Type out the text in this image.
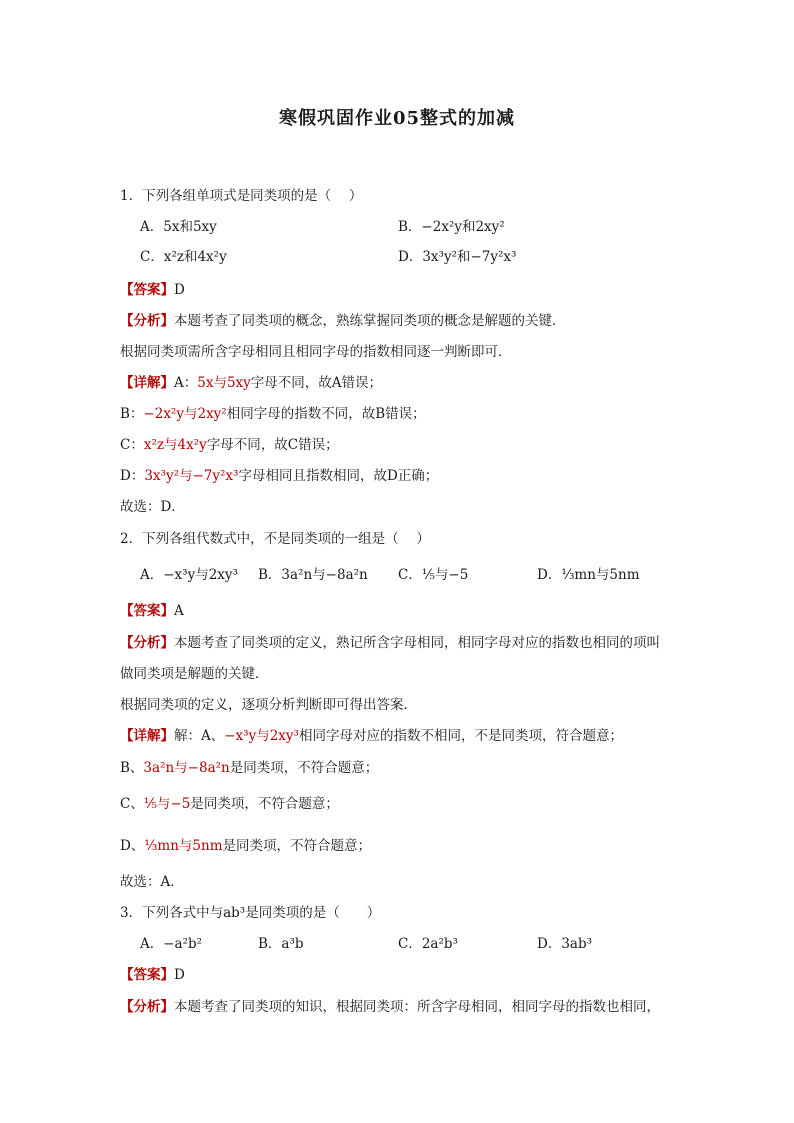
寒假巩固作业05整式的加减
1．下列各组单项式是同类项的是（　 ）
A．5x和5xy	B．−2x²y和2xy²
C．x²z和4x²y	D．3x³y²和−7y²x³
【答案】D
【分析】本题考查了同类项的概念，熟练掌握同类项的概念是解题的关键．
根据同类项需所含字母相同且相同字母的指数相同逐一判断即可．
【详解】A：5x与5xy字母不同，故A错误；
B：−2x²y与2xy²相同字母的指数不同，故B错误；
C：x²z与4x²y字母不同，故C错误；
D：3x³y²与−7y²x³字母相同且指数相同，故D正确；
故选：D．
2．下列各组代数式中，不是同类项的一组是（　 ）
A．−x³y与2xy³ B．3a²n与−8a²n C．⅕与−5	D．⅓mn与5nm
【答案】A
【分析】本题考查了同类项的定义，熟记所含字母相同，相同字母对应的指数也相同的项叫
做同类项是解题的关键．
根据同类项的定义，逐项分析判断即可得出答案．
【详解】解：A、−x³y与2xy³相同字母对应的指数不相同，不是同类项，符合题意；
B、3a²n与−8a²n是同类项，不符合题意；
C、⅕与−5是同类项，不符合题意；
D、⅓mn与5nm是同类项，不符合题意；
故选：A．
3．下列各式中与ab³是同类项的是（　　）
A．−a²b²	B．a³b	C．2a²b³	D．3ab³
【答案】D
【分析】本题考查了同类项的知识，根据同类项：所含字母相同，相同字母的指数也相同，
